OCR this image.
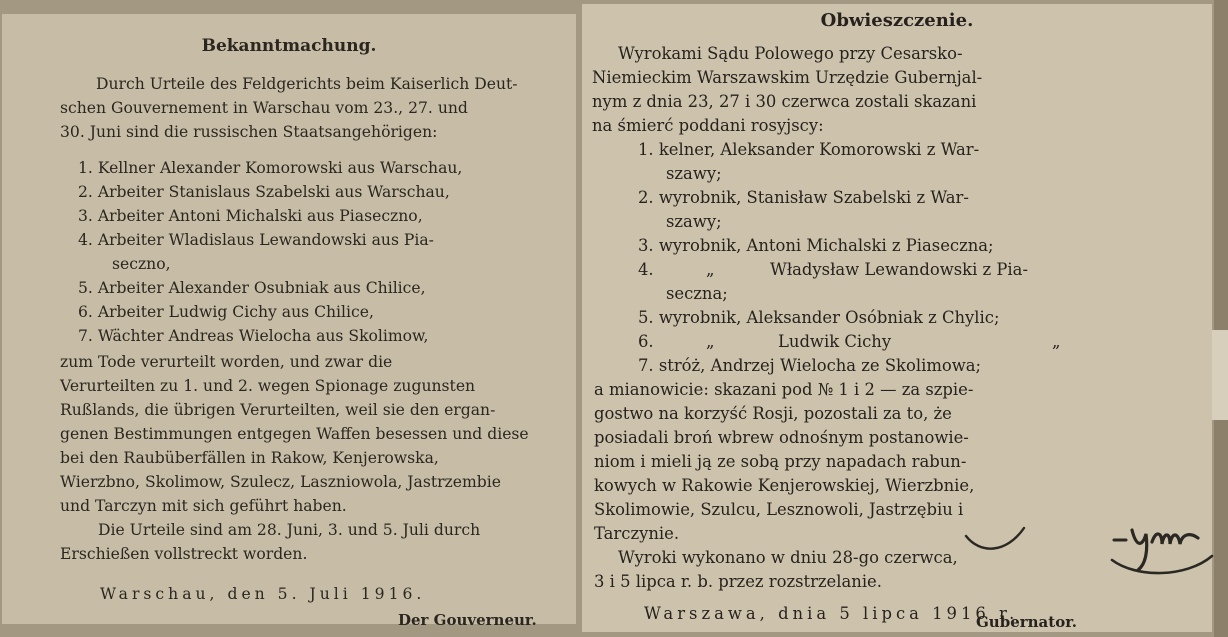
Bekanntmachung.
Durch Urteile des Feldgerichts beim Kaiserlich Deut-
schen Gouvernement in Warschau vom 23., 27. und
30. Juni sind die russischen Staatsangehörigen:
1. Kellner Alexander Komorowski aus Warschau,
2. Arbeiter Stanislaus Szabelski aus Warschau,
3. Arbeiter Antoni Michalski aus Piaseczno,
4. Arbeiter Wladislaus Lewandowski aus Pia-
seczno,
5. Arbeiter Alexander Osubniak aus Chilice,
6. Arbeiter Ludwig Cichy aus Chilice,
7. Wächter Andreas Wielocha aus Skolimow,
zum Tode verurteilt worden, und zwar die
Verurteilten zu 1. und 2. wegen Spionage zugunsten
Rußlands, die übrigen Verurteilten, weil sie den ergan-
genen Bestimmungen entgegen Waffen besessen und diese
bei den Raubüberfällen in Rakow, Kenjerowska,
Wierzbno, Skolimow, Szulecz, Laszniowola, Jastrzembie
und Tarczyn mit sich geführt haben.
Die Urteile sind am 28. Juni, 3. und 5. Juli durch
Erschießen vollstreckt worden.
Warschau, den 5. Juli 1916.
Der Gouverneur.
Obwieszczenie.
Wyrokami Sądu Polowego przy Cesarsko-
Niemieckim Warszawskim Urzędzie Gubernjal-
nym z dnia 23, 27 i 30 czerwca zostali skazani
na śmierć poddani rosyjscy:
1. kelner, Aleksander Komorowski z War-
szawy;
2. wyrobnik, Stanisław Szabelski z War-
szawy;
3. wyrobnik, Antoni Michalski z Piaseczna;
4.	„	Władysław Lewandowski z Pia-
seczna;
5. wyrobnik, Aleksander Osóbniak z Chylic;
6.	„	Ludwik Cichy	„
7. stróż, Andrzej Wielocha ze Skolimowa;
a mianowicie: skazani pod № 1 i 2 — za szpie-
gostwo na korzyść Rosji, pozostali za to, że
posiadali broń wbrew odnośnym postanowie-
niom i mieli ją ze sobą przy napadach rabun-
kowych w Rakowie Kenjerowskiej, Wierzbnie,
Skolimowie, Szulcu, Lesznowoli, Jastrzębiu i
Tarczynie.
Wyroki wykonano w dniu 28-go czerwca,
3 i 5 lipca r. b. przez rozstrzelanie.
Warszawa, dnia 5 lipca 1916 r.
Gubernator.
